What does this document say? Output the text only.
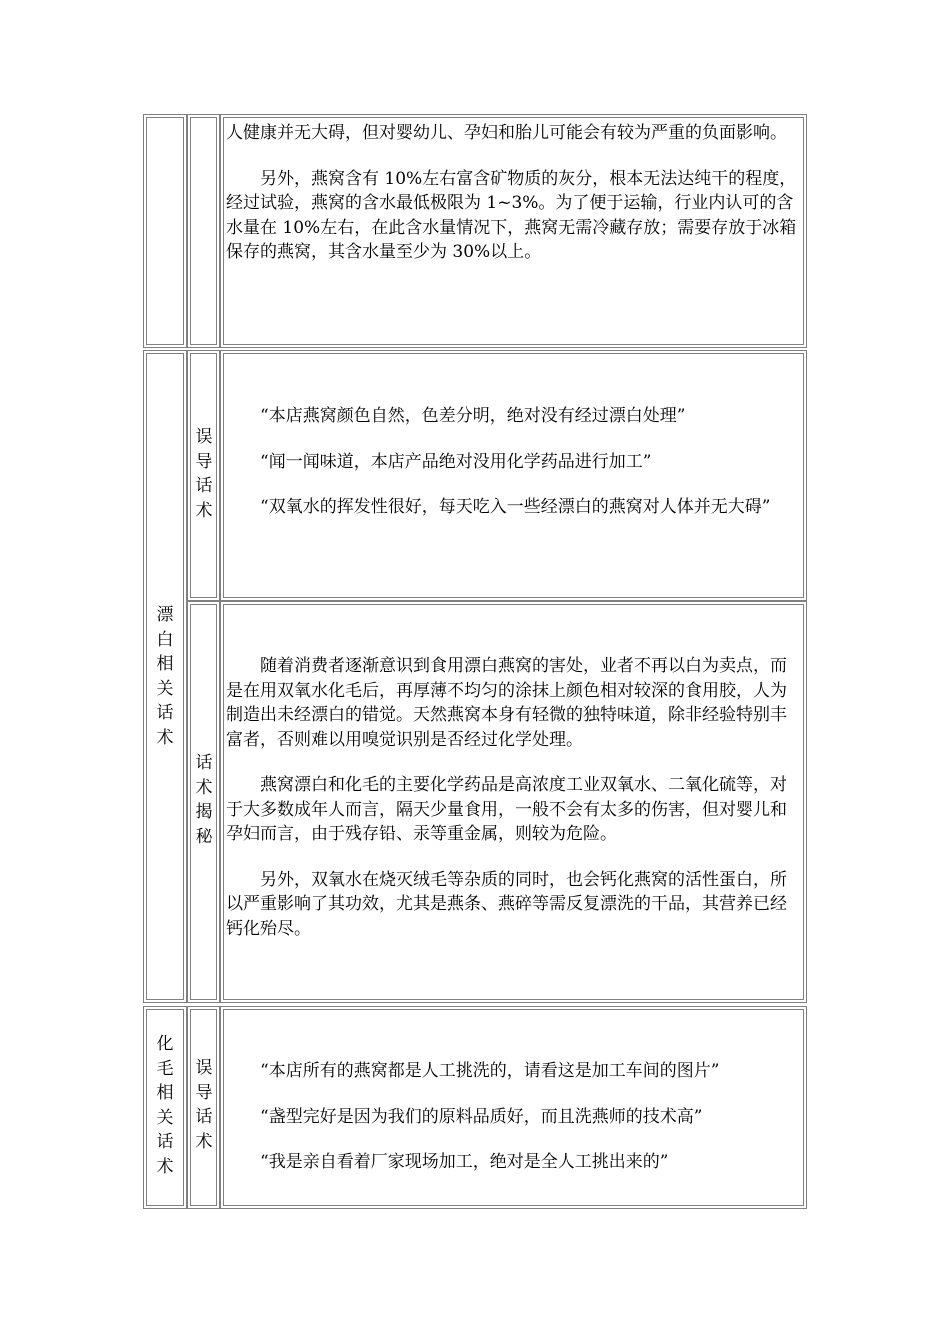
人健康并无大碍，但对婴幼儿、孕妇和胎儿可能会有较为严重的负面影响。

另外，燕窝含有 10%左右富含矿物质的灰分，根本无法达纯干的程度，经过试验，燕窝的含水最低极限为 1~3%。为了便于运输，行业内认可的含水量在 10%左右，在此含水量情况下，燕窝无需冷藏存放；需要存放于冰箱保存的燕窝，其含水量至少为 30%以上。

漂白相关话术
误导话术

“本店燕窝颜色自然，色差分明，绝对没有经过漂白处理”

“闻一闻味道，本店产品绝对没用化学药品进行加工”

“双氧水的挥发性很好，每天吃入一些经漂白的燕窝对人体并无大碍”

话术揭秘

随着消费者逐渐意识到食用漂白燕窝的害处，业者不再以白为卖点，而是在用双氧水化毛后，再厚薄不均匀的涂抹上颜色相对较深的食用胶，人为制造出未经漂白的错觉。天然燕窝本身有轻微的独特味道，除非经验特别丰富者，否则难以用嗅觉识别是否经过化学处理。

燕窝漂白和化毛的主要化学药品是高浓度工业双氧水、二氧化硫等，对于大多数成年人而言，隔天少量食用，一般不会有太多的伤害，但对婴儿和孕妇而言，由于残存铅、汞等重金属，则较为危险。

另外，双氧水在烧灭绒毛等杂质的同时，也会钙化燕窝的活性蛋白，所以严重影响了其功效，尤其是燕条、燕碎等需反复漂洗的干品，其营养已经钙化殆尽。

化毛相关话术
误导话术

“本店所有的燕窝都是人工挑洗的，请看这是加工车间的图片”

“盏型完好是因为我们的原料品质好，而且洗燕师的技术高”

“我是亲自看着厂家现场加工，绝对是全人工挑出来的”
